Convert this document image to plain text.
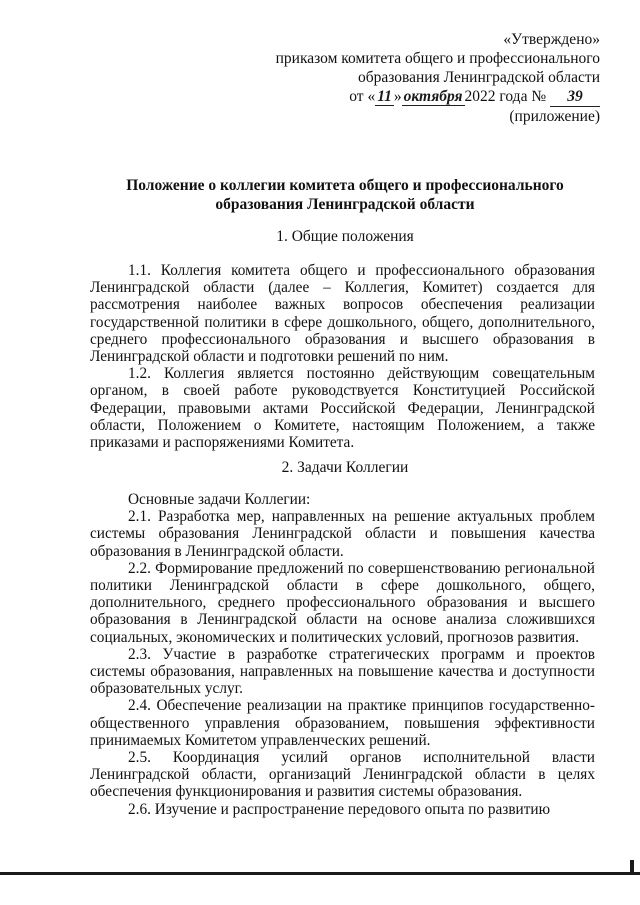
«Утверждено»
приказом комитета общего и профессионального
образования Ленинградской области
от « 11 » октября 2022 года № 39
(приложение)
Положение о коллегии комитета общего и профессионального
образования Ленинградской области
1. Общие положения

1.1. Коллегия комитета общего и профессионального образования Ленинградской области (далее – Коллегия, Комитет) создается для рассмотрения наиболее важных вопросов обеспечения реализации государственной политики в сфере дошкольного, общего, дополнительного, среднего профессионального образования и высшего образования в Ленинградской области и подготовки решений по ним.

1.2. Коллегия является постоянно действующим совещательным органом, в своей работе руководствуется Конституцией Российской Федерации, правовыми актами Российской Федерации, Ленинградской области, Положением о Комитете, настоящим Положением, а также приказами и распоряжениями Комитета.

2. Задачи Коллегии

Основные задачи Коллегии:

2.1. Разработка мер, направленных на решение актуальных проблем системы образования Ленинградской области и повышения качества образования в Ленинградской области.

2.2. Формирование предложений по совершенствованию региональной политики Ленинградской области в сфере дошкольного, общего, дополнительного, среднего профессионального образования и высшего образования в Ленинградской области на основе анализа сложившихся социальных, экономических и политических условий, прогнозов развития.

2.3. Участие в разработке стратегических программ и проектов системы образования, направленных на повышение качества и доступности образовательных услуг.

2.4. Обеспечение реализации на практике принципов государственно-общественного управления образованием, повышения эффективности принимаемых Комитетом управленческих решений.

2.5. Координация усилий органов исполнительной власти Ленинградской области, организаций Ленинградской области в целях обеспечения функционирования и развития системы образования.

2.6. Изучение и распространение передового опыта по развитию
